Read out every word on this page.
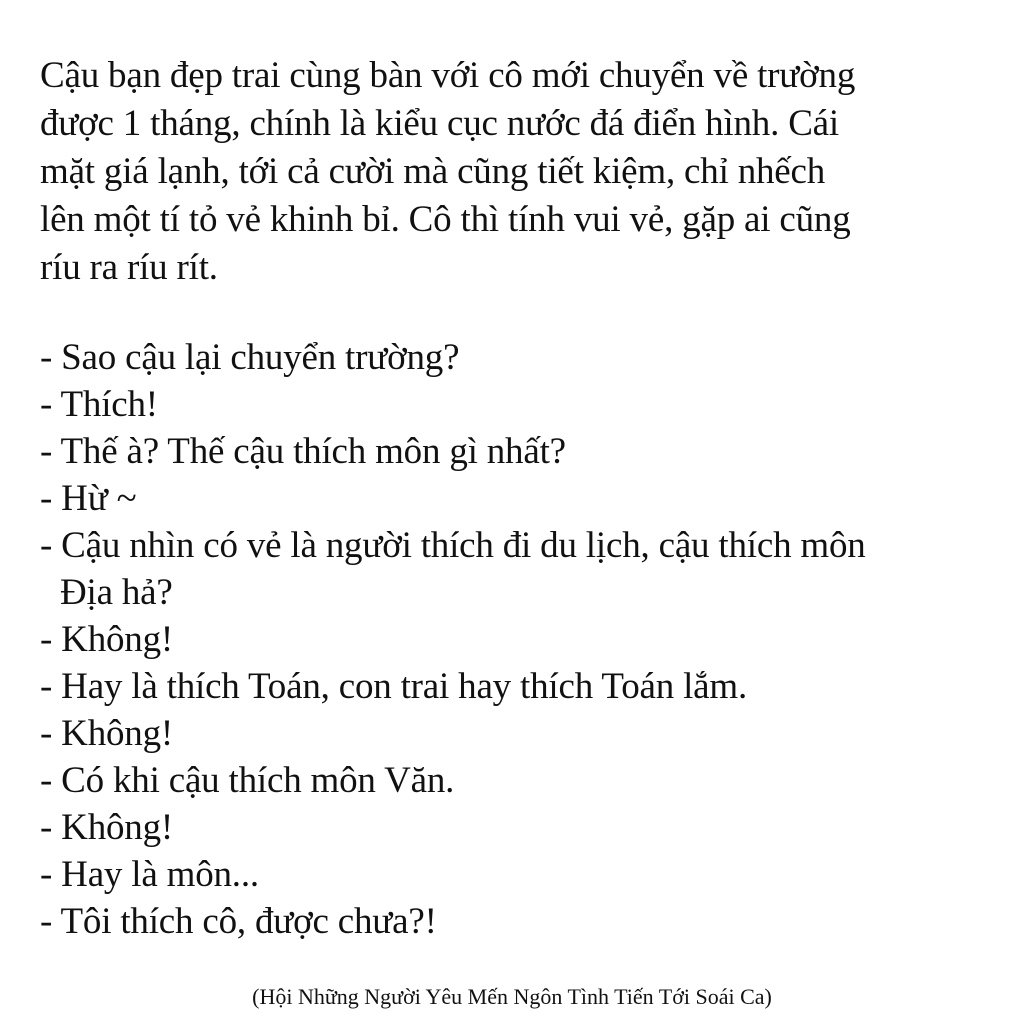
Cậu bạn đẹp trai cùng bàn với cô mới chuyển về trường
được 1 tháng, chính là kiểu cục nước đá điển hình. Cái
mặt giá lạnh, tới cả cười mà cũng tiết kiệm, chỉ nhếch
lên một tí tỏ vẻ khinh bỉ. Cô thì tính vui vẻ, gặp ai cũng
ríu ra ríu rít.
- Sao cậu lại chuyển trường?
- Thích!
- Thế à? Thế cậu thích môn gì nhất?
- Hừ ~
- Cậu nhìn có vẻ là người thích đi du lịch, cậu thích môn
Địa hả?
- Không!
- Hay là thích Toán, con trai hay thích Toán lắm.
- Không!
- Có khi cậu thích môn Văn.
- Không!
- Hay là môn...
- Tôi thích cô, được chưa?!
(Hội Những Người Yêu Mến Ngôn Tình Tiến Tới Soái Ca)
